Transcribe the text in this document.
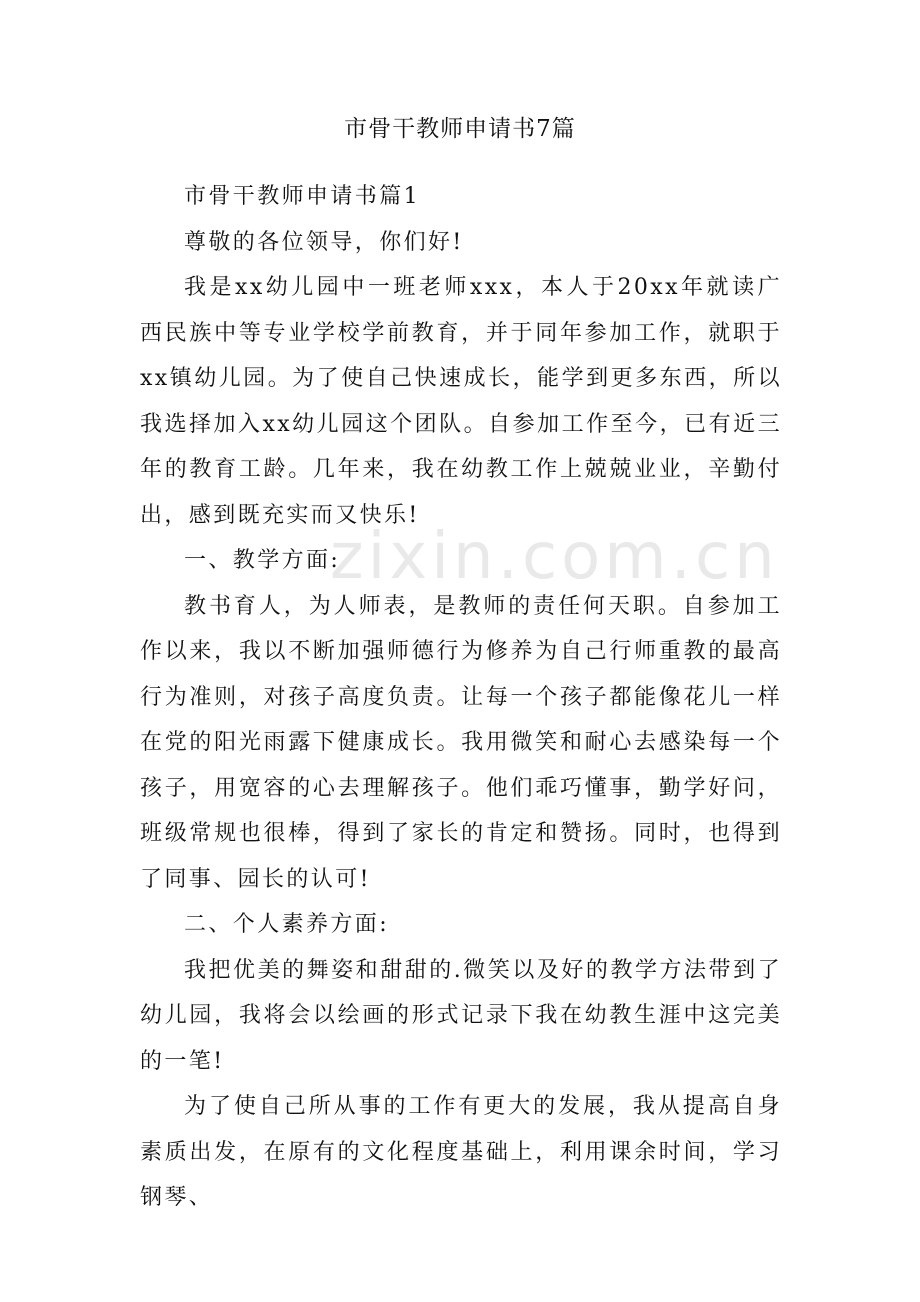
zixin.com.cn
市骨干教师申请书7篇

市骨干教师申请书篇1

尊敬的各位领导，你们好!

我是xx幼儿园中一班老师xxx，本人于20xx年就读广西民族中等专业学校学前教育，并于同年参加工作，就职于xx镇幼儿园。为了使自己快速成长，能学到更多东西，所以我选择加入xx幼儿园这个团队。自参加工作至今，已有近三年的教育工龄。几年来，我在幼教工作上兢兢业业，辛勤付出，感到既充实而又快乐!

一、教学方面:

教书育人，为人师表，是教师的责任何天职。自参加工作以来，我以不断加强师德行为修养为自己行师重教的最高行为准则，对孩子高度负责。让每一个孩子都能像花儿一样在党的阳光雨露下健康成长。我用微笑和耐心去感染每一个孩子，用宽容的心去理解孩子。他们乖巧懂事，勤学好问，班级常规也很棒，得到了家长的肯定和赞扬。同时，也得到了同事、园长的认可!

二、个人素养方面:

我把优美的舞姿和甜甜的.微笑以及好的教学方法带到了幼儿园，我将会以绘画的形式记录下我在幼教生涯中这完美的一笔!

为了使自己所从事的工作有更大的发展，我从提高自身素质出发，在原有的文化程度基础上，利用课余时间，学习钢琴、
